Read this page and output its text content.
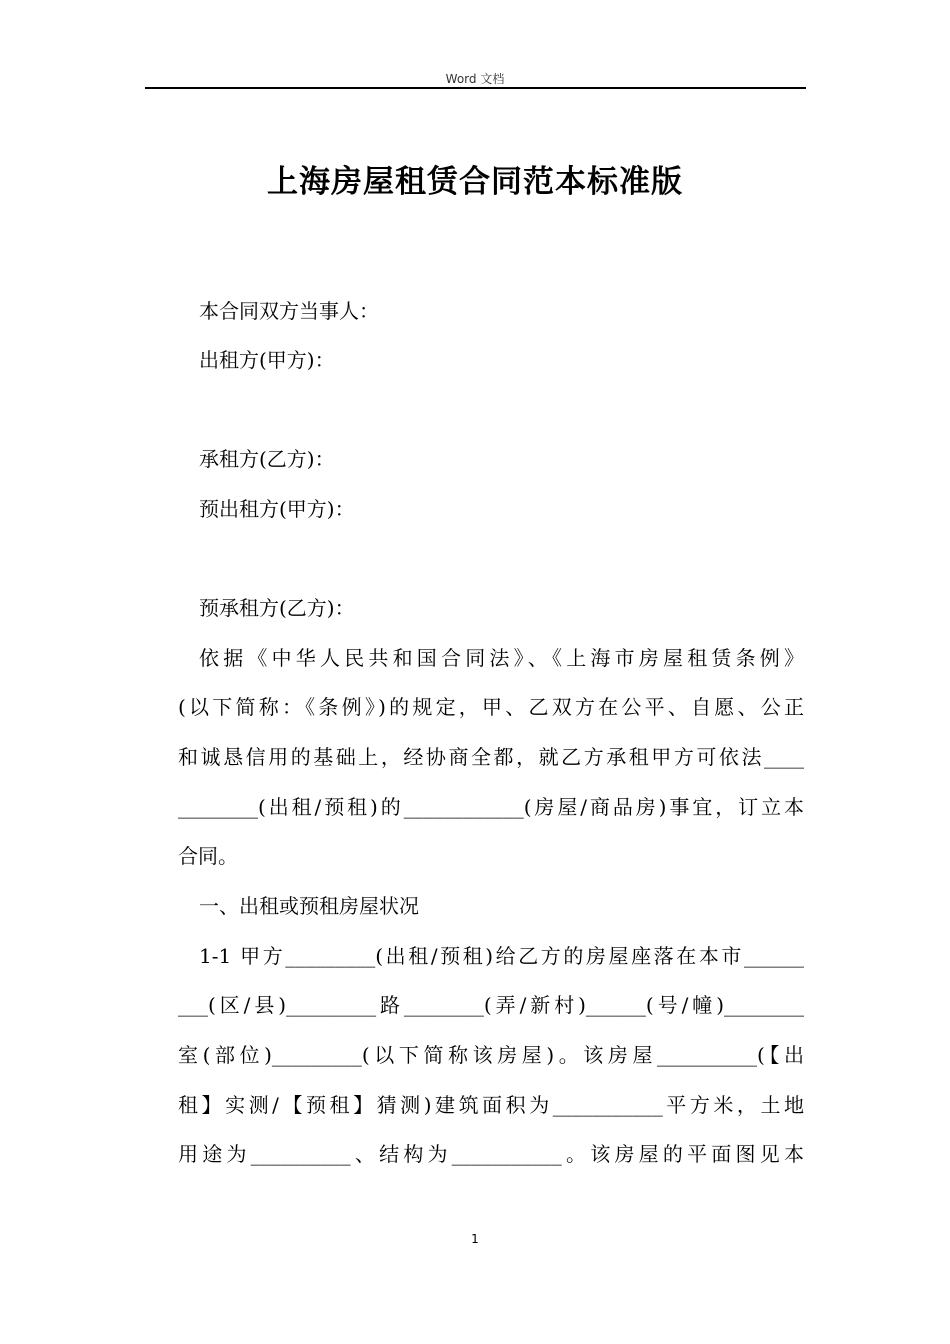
Word 文档
上海房屋租赁合同范本标准版
本合同双方当事人：
出租方(甲方)：
承租方(乙方)：
预出租方(甲方)：
预承租方(乙方)：
依据《中华人民共和国合同法》、《上海市房屋租赁条例》
(以下简称：《条例》)的规定，甲、乙双方在公平、自愿、公正
和诚恳信用的基础上，经协商全都，就乙方承租甲方可依法____
________(出租/预租)的____________(房屋/商品房)事宜，订立本
合同。
一、出租或预租房屋状况
1-1 甲方_________(出租/预租)给乙方的房屋座落在本市______
___(区/县)_________路________(弄/新村)______(号/幢)________
室(部位)_________(以下简称该房屋)。该房屋__________(【出
租】实测/【预租】猜测)建筑面积为___________平方米，土地
用途为__________、结构为___________。该房屋的平面图见本
1
